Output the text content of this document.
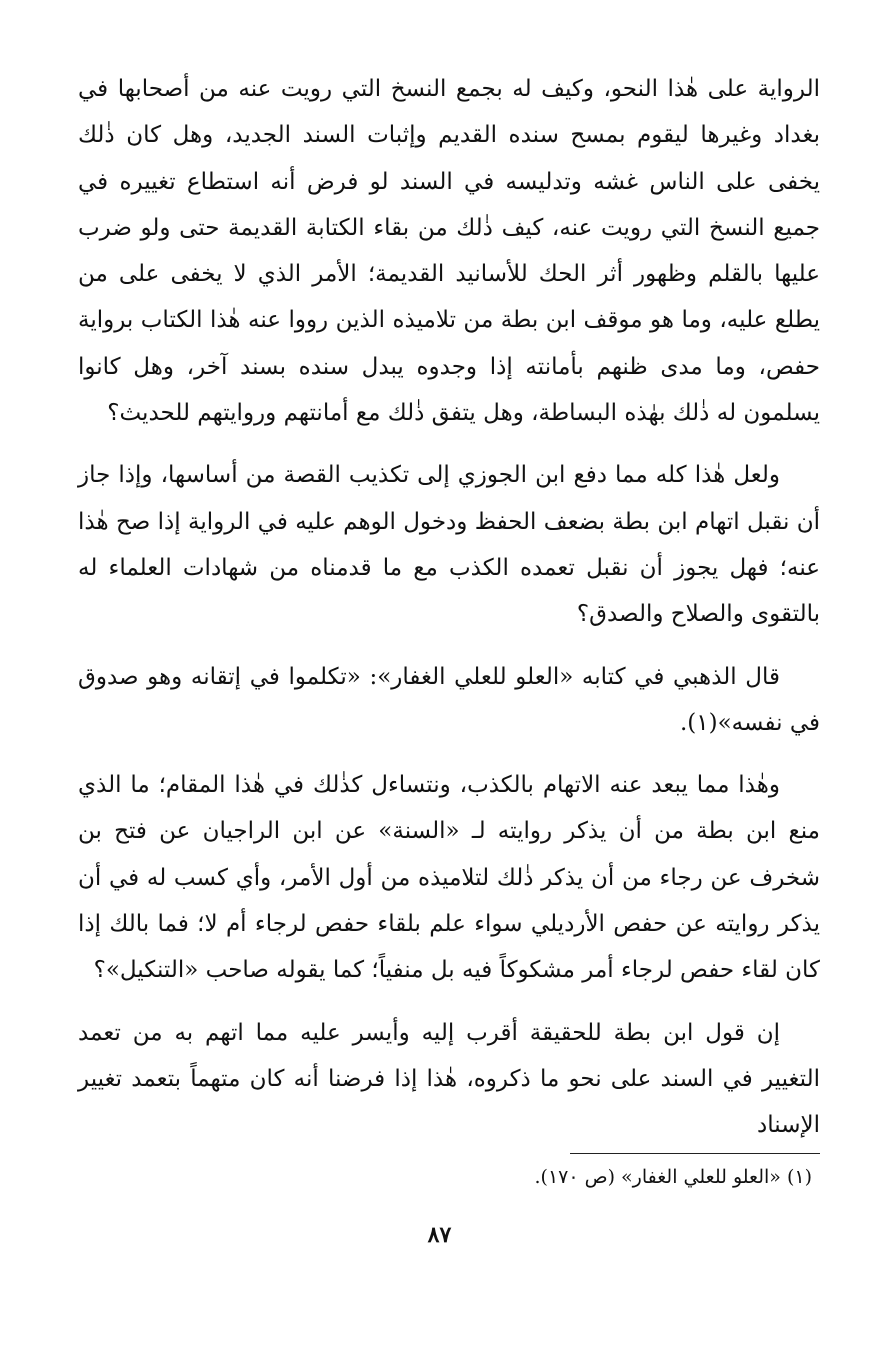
الرواية على هٰذا النحو، وكيف له بجمع النسخ التي رويت عنه من أصحابها في بغداد وغيرها ليقوم بمسح سنده القديم وإثبات السند الجديد، وهل كان ذٰلك يخفى على الناس غشه وتدليسه في السند لو فرض أنه استطاع تغييره في جميع النسخ التي رويت عنه، كيف ذٰلك من بقاء الكتابة القديمة حتى ولو ضرب عليها بالقلم وظهور أثر الحك للأسانيد القديمة؛ الأمر الذي لا يخفى على من يطلع عليه، وما هو موقف ابن بطة من تلاميذه الذين رووا عنه هٰذا الكتاب برواية حفص، وما مدى ظنهم بأمانته إذا وجدوه يبدل سنده بسند آخر، وهل كانوا يسلمون له ذٰلك بهٰذه البساطة، وهل يتفق ذٰلك مع أمانتهم وروايتهم للحديث؟

ولعل هٰذا كله مما دفع ابن الجوزي إلى تكذيب القصة من أساسها، وإذا جاز أن نقبل اتهام ابن بطة بضعف الحفظ ودخول الوهم عليه في الرواية إذا صح هٰذا عنه؛ فهل يجوز أن نقبل تعمده الكذب مع ما قدمناه من شهادات العلماء له بالتقوى والصلاح والصدق؟

قال الذهبي في كتابه «العلو للعلي الغفار»: «تكلموا في إتقانه وهو صدوق في نفسه»(١).

وهٰذا مما يبعد عنه الاتهام بالكذب، ونتساءل كذٰلك في هٰذا المقام؛ ما الذي منع ابن بطة من أن يذكر روايته لـ «السنة» عن ابن الراجيان عن فتح بن شخرف عن رجاء من أن يذكر ذٰلك لتلاميذه من أول الأمر، وأي كسب له في أن يذكر روايته عن حفص الأرديلي سواء علم بلقاء حفص لرجاء أم لا؛ فما بالك إذا كان لقاء حفص لرجاء أمر مشكوكاً فيه بل منفياً؛ كما يقوله صاحب «التنكيل»؟

إن قول ابن بطة للحقيقة أقرب إليه وأيسر عليه مما اتهم به من تعمد التغيير في السند على نحو ما ذكروه، هٰذا إذا فرضنا أنه كان متهماً بتعمد تغيير الإسناد

(١) «العلو للعلي الغفار» (ص ١٧٠).

٨٧
